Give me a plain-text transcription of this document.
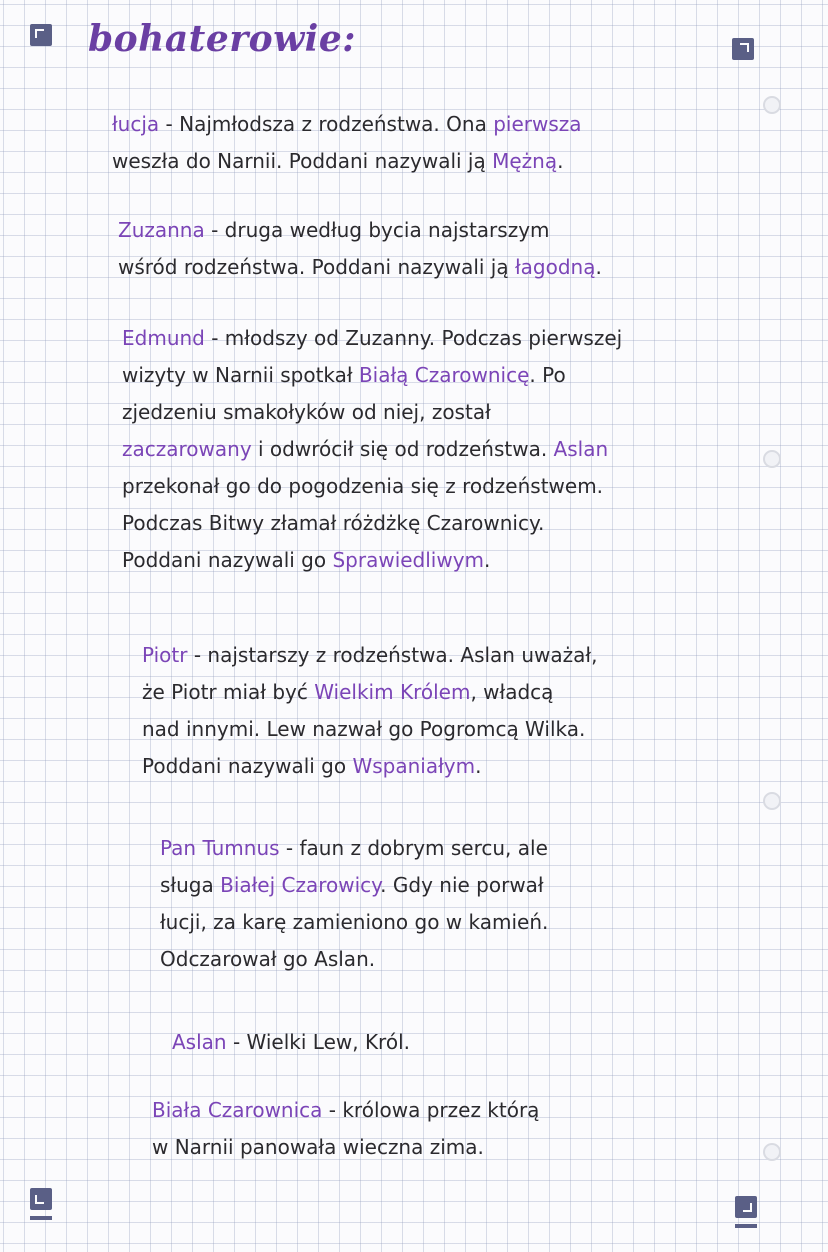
bohaterowie:
łucja - Najmłodsza z rodzeństwa. Ona pierwsza
weszła do Narnii. Poddani nazywali ją Mężną.
Zuzanna - druga według bycia najstarszym
wśród rodzeństwa. Poddani nazywali ją łagodną.
Edmund - młodszy od Zuzanny. Podczas pierwszej
wizyty w Narnii spotkał Białą Czarownicę. Po
zjedzeniu smakołyków od niej, został
zaczarowany i odwrócił się od rodzeństwa. Aslan
przekonał go do pogodzenia się z rodzeństwem.
Podczas Bitwy złamał różdżkę Czarownicy.
Poddani nazywali go Sprawiedliwym.
Piotr - najstarszy z rodzeństwa. Aslan uważał,
że Piotr miał być Wielkim Królem, władcą
nad innymi. Lew nazwał go Pogromcą Wilka.
Poddani nazywali go Wspaniałym.
Pan Tumnus - faun z dobrym sercu, ale
sługa Białej Czarowicy. Gdy nie porwał
łucji, za karę zamieniono go w kamień.
Odczarował go Aslan.
Aslan - Wielki Lew, Król.
Biała Czarownica - królowa przez którą
w Narnii panowała wieczna zima.
